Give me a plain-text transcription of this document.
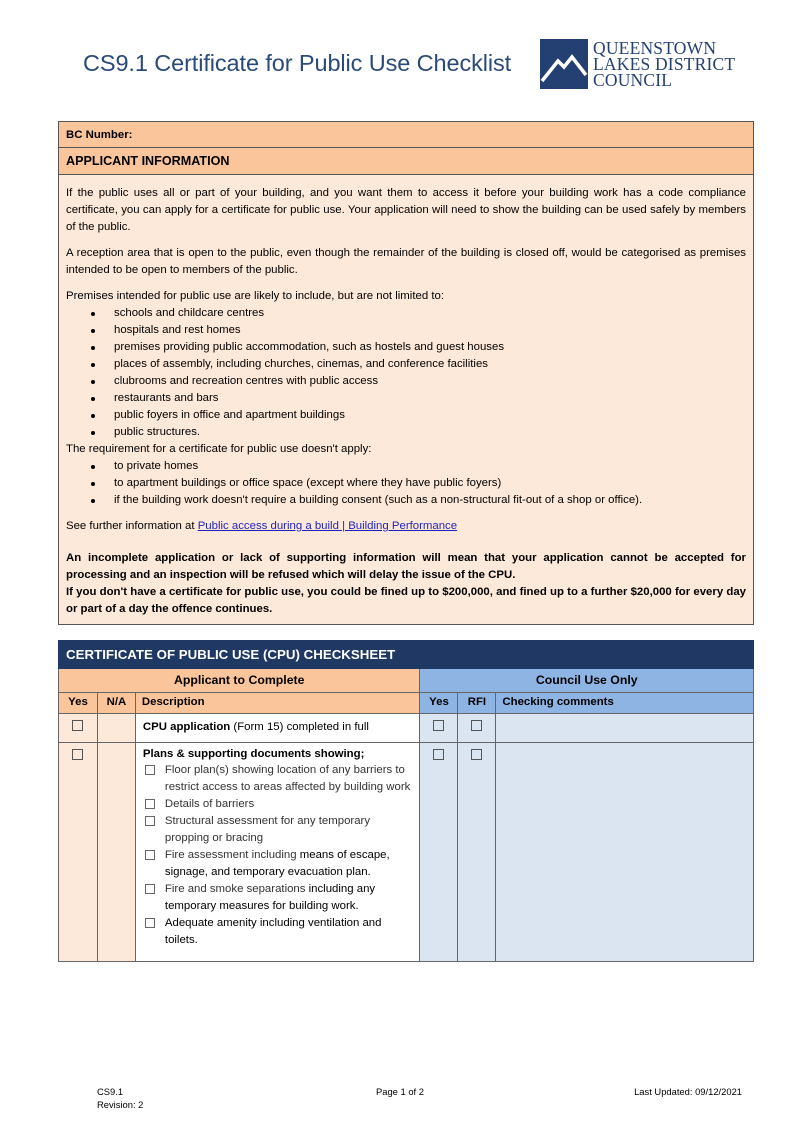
CS9.1 Certificate for Public Use Checklist
QUEENSTOWN
LAKES DISTRICT
COUNCIL
BC Number:
APPLICANT INFORMATION

If the public uses all or part of your building, and you want them to access it before your building work has a code compliance certificate, you can apply for a certificate for public use. Your application will need to show the building can be used safely by members of the public.

A reception area that is open to the public, even though the remainder of the building is closed off, would be categorised as premises intended to be open to members of the public.

Premises intended for public use are likely to include, but are not limited to:
schools and childcare centres
hospitals and rest homes
premises providing public accommodation, such as hostels and guest houses
places of assembly, including churches, cinemas, and conference facilities
clubrooms and recreation centres with public access
restaurants and bars
public foyers in office and apartment buildings
public structures.
The requirement for a certificate for public use doesn't apply:
to private homes
to apartment buildings or office space (except where they have public foyers)
if the building work doesn't require a building consent (such as a non-structural fit-out of a shop or office).

See further information at Public access during a build | Building Performance

An incomplete application or lack of supporting information will mean that your application cannot be accepted for processing and an inspection will be refused which will delay the issue of the CPU.

If you don't have a certificate for public use, you could be fined up to $200,000, and fined up to a further $20,000 for every day or part of a day the offence continues.

CERTIFICATE OF PUBLIC USE (CPU) CHECKSHEET					
Applicant to Complete			Council Use Only		
Yes	N/A	Description	Yes	RFI	Checking comments
		CPU application (Form 15) completed in full			

Plans & supporting documents showing;
Floor plan(s) showing location of any barriers to restrict access to areas affected by building work
Details of barriers
Structural assessment for any temporary propping or bracing
Fire assessment including means of escape, signage, and temporary evacuation plan.
Fire and smoke separations including any temporary measures for building work.
Adequate amenity including ventilation and toilets.

CS9.1
Revision: 2
Page 1 of 2	Last Updated: 09/12/2021
